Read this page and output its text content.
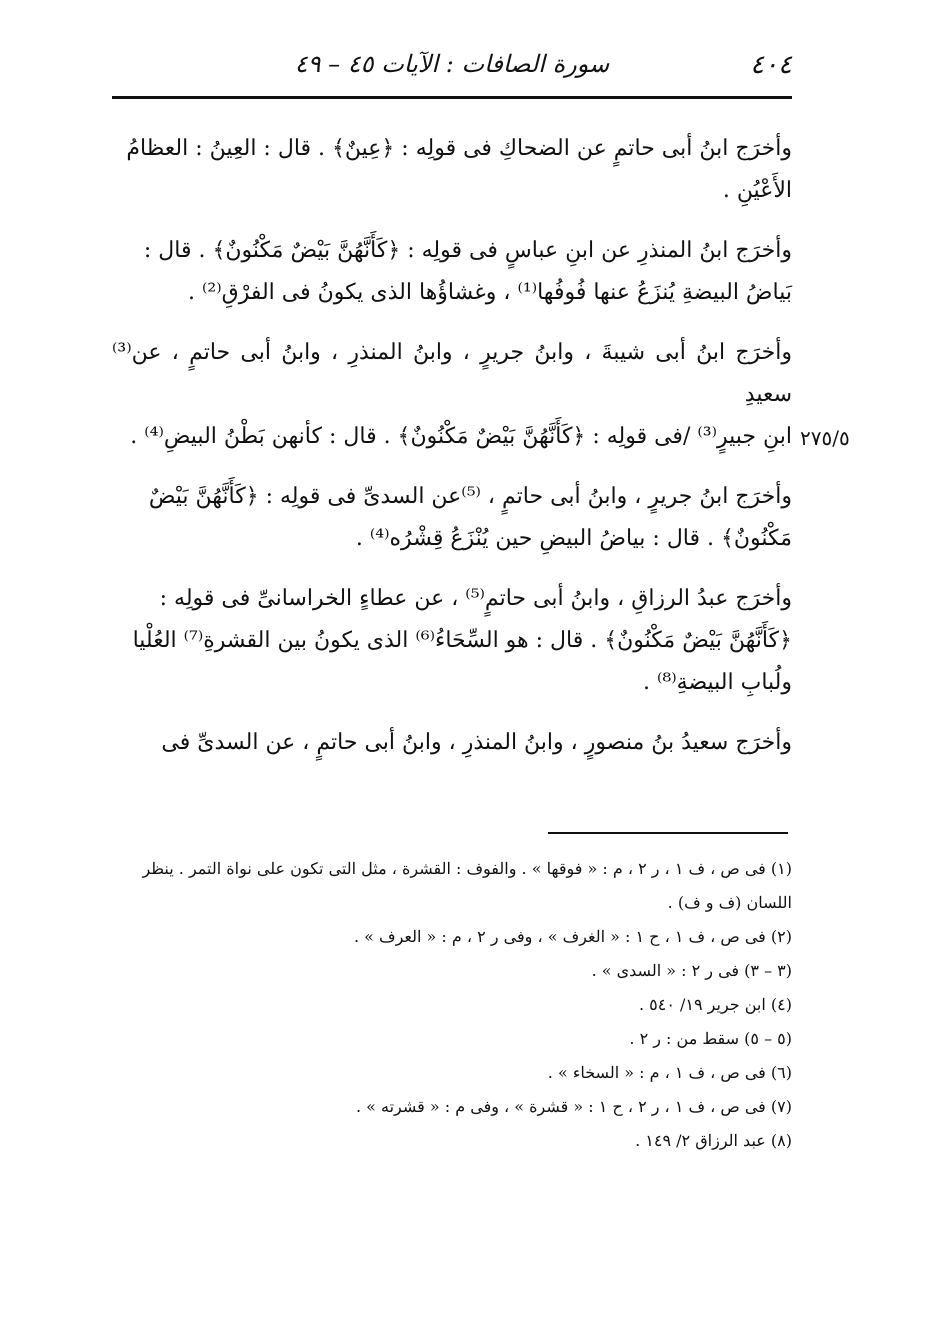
٤٠٤
سورة الصافات : الآيات ٤٥ – ٤٩
٢٧٥/٥

وأخرَج ابنُ أبى حاتمٍ عن الضحاكِ فى قولِه : ﴿عِينٌ﴾ . قال : العِينُ : العظامُ
الأَعْيُنِ .

وأخرَج ابنُ المنذرِ عن ابنِ عباسٍ فى قولِه : ﴿كَأَنَّهُنَّ بَيْضٌ مَكْنُونٌ﴾ . قال :
بَياضُ البيضةِ يُنزَعُ عنها فُوفُها⁽¹⁾ ، وغشاؤُها الذى يكونُ فى الفرْقِ⁽²⁾ .

وأخرَج ابنُ أبى شيبةَ ، وابنُ جريرٍ ، وابنُ المنذرِ ، وابنُ أبى حاتمٍ ، عن⁽³⁾ سعيدِ
ابنِ جبيرٍ⁽³⁾ /فى قولِه : ﴿كَأَنَّهُنَّ بَيْضٌ مَكْنُونٌ﴾ . قال : كأنهن بَطْنُ البيضِ⁽⁴⁾ .

وأخرَج ابنُ جريرٍ ، وابنُ أبى حاتمٍ ، ⁽⁵⁾عن السدىِّ فى قولِه : ﴿كَأَنَّهُنَّ بَيْضٌ
مَكْنُونٌ﴾ . قال : بياضُ البيضِ حين يُنْزَعُ قِشْرُه⁽⁴⁾ .

وأخرَج عبدُ الرزاقِ ، وابنُ أبى حاتمٍ⁽⁵⁾ ، عن عطاءٍ الخراسانىِّ فى قولِه :
﴿كَأَنَّهُنَّ بَيْضٌ مَكْنُونٌ﴾ . قال : هو السِّحَاءُ⁽⁶⁾ الذى يكونُ بين القشرةِ⁽⁷⁾ العُلْيا
ولُبابِ البيضةِ⁽⁸⁾ .

وأخرَج سعيدُ بنُ منصورٍ ، وابنُ المنذرِ ، وابنُ أبى حاتمٍ ، عن السدىِّ فى

(١) فى ص ، ف ١ ، ر ٢ ، م : « فوقها » . والفوف : القشرة ، مثل التى تكون على نواة التمر . ينظر اللسان (ف و ف) .

(٢) فى ص ، ف ١ ، ح ١ : « الغرف » ، وفى ر ٢ ، م : « العرف » .

(٣ – ٣) فى ر ٢ : « السدى » .

(٤) ابن جرير ١٩/ ٥٤٠ .

(٥ – ٥) سقط من : ر ٢ .

(٦) فى ص ، ف ١ ، م : « السخاء » .

(٧) فى ص ، ف ١ ، ر ٢ ، ح ١ : « قشرة » ، وفى م : « قشرته » .

(٨) عبد الرزاق ٢/ ١٤٩ .
